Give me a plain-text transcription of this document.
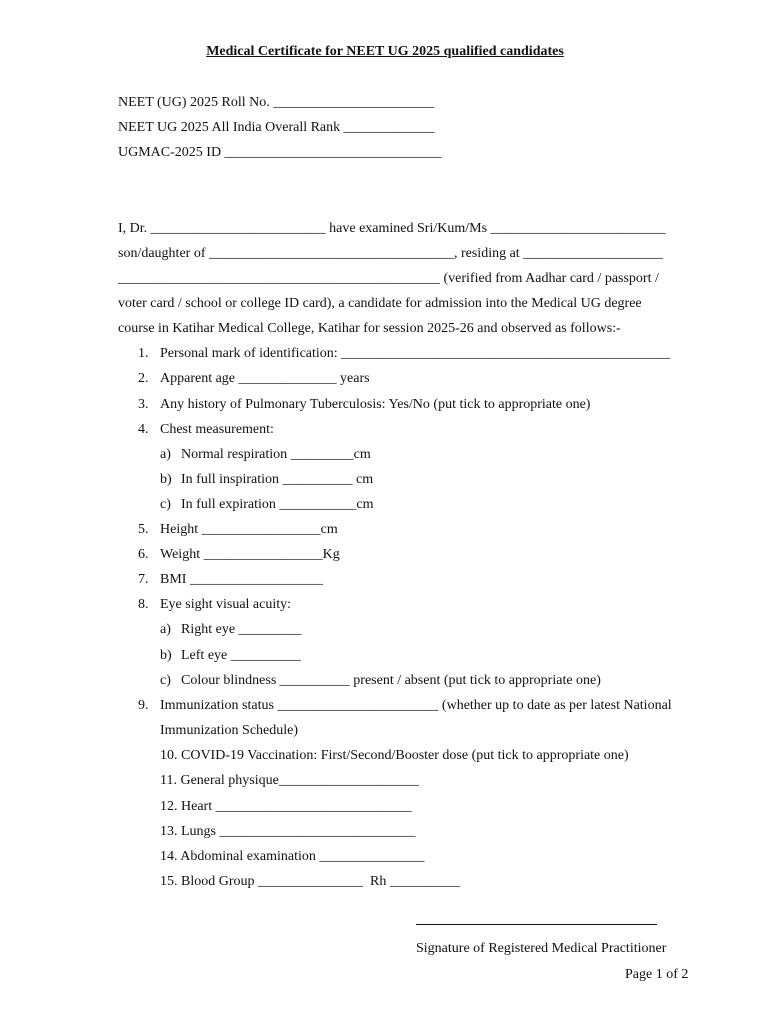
Medical Certificate for NEET UG 2025 qualified candidates
NEET (UG) 2025 Roll No. _______________________
NEET UG 2025 All India Overall Rank _____________
UGMAC-2025 ID _______________________________
I, Dr. _________________________ have examined Sri/Kum/Ms _________________________
son/daughter of ___________________________________, residing at ____________________
______________________________________________ (verified from Aadhar card / passport /
voter card / school or college ID card), a candidate for admission into the Medical UG degree
course in Katihar Medical College, Katihar for session 2025-26 and observed as follows:-
1. Personal mark of identification: _______________________________________________
2. Apparent age ______________ years
3. Any history of Pulmonary Tuberculosis: Yes/No (put tick to appropriate one)
4. Chest measurement:
a) Normal respiration _________cm
b) In full inspiration __________ cm
c) In full expiration ___________cm
5. Height _________________cm
6. Weight _________________Kg
7. BMI ___________________
8. Eye sight visual acuity:
a) Right eye _________
b) Left eye __________
c) Colour blindness __________ present / absent (put tick to appropriate one)
9. Immunization status _______________________ (whether up to date as per latest National
Immunization Schedule)
10. COVID-19 Vaccination: First/Second/Booster dose (put tick to appropriate one)
11. General physique____________________
12. Heart ____________________________
13. Lungs ____________________________
14. Abdominal examination _______________
15. Blood Group _______________  Rh __________
Signature of Registered Medical Practitioner
Page 1 of 2
